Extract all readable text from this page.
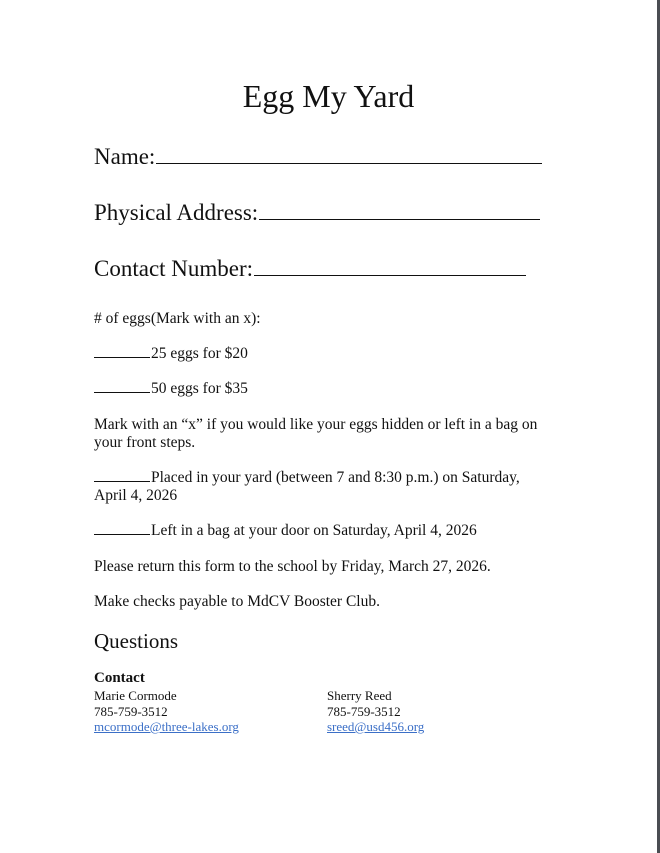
Egg My Yard
Name:
Physical Address:
Contact Number:
# of eggs(Mark with an x):
25 eggs for $20
50 eggs for $35
Mark with an “x” if you would like your eggs hidden or left in a bag on your front steps.
Placed in your yard (between 7 and 8:30 p.m.) on Saturday, April 4, 2026
Left in a bag at your door on Saturday, April 4, 2026
Please return this form to the school by Friday, March 27, 2026.
Make checks payable to MdCV Booster Club.
Questions
Contact
Marie Cormode
785-759-3512
mcormode@three-lakes.org
Sherry Reed
785-759-3512
sreed@usd456.org
